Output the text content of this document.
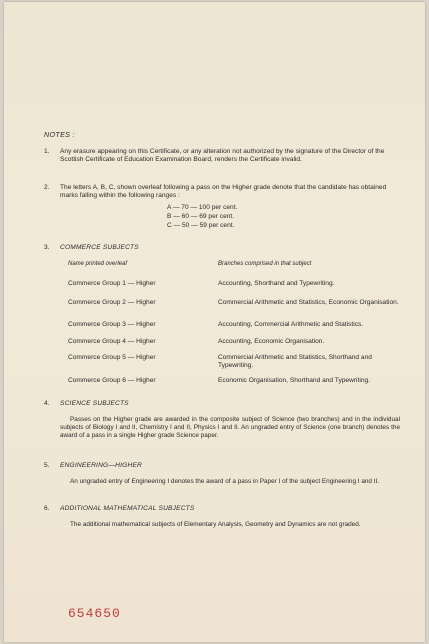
NOTES :
1.	Any erasure appearing on this Certificate, or any alteration not authorized by the signature of the Director of the Scottish Certificate of Education Examination Board, renders the Certificate invalid.
2.	The letters A, B, C, shown overleaf following a pass on the Higher grade denote that the candidate has obtained marks falling within the following ranges :
A — 70 — 100 per cent.
B — 60 — 69 per cent.
C — 50 — 59 per cent.
3.	COMMERCE SUBJECTS
Name printed overleaf	Branches comprised in that subject
Commerce Group 1 — Higher	Accounting, Shorthand and Typewriting.
Commerce Group 2 — Higher	Commercial Arithmetic and Statistics, Economic Organisation.
Commerce Group 3 — Higher	Accounting, Commercial Arithmetic and Statistics.
Commerce Group 4 — Higher	Accounting, Economic Organisation.
Commerce Group 5 — Higher	Commercial Arithmetic and Statistics, Shorthand and Typewriting.
Commerce Group 6 — Higher	Economic Organisation, Shorthand and Typewriting.
4.	SCIENCE SUBJECTS
Passes on the Higher grade are awarded in the composite subject of Science (two branches) and in the individual subjects of Biology I and II, Chemistry I and II, Physics I and II. An ungraded entry of Science (one branch) denotes the award of a pass in a single Higher grade Science paper.
5.	ENGINEERING—HIGHER
An ungraded entry of Engineering I denotes the award of a pass in Paper I of the subject Engineering I and II.
6.	ADDITIONAL MATHEMATICAL SUBJECTS
The additional mathematical subjects of Elementary Analysis, Geometry and Dynamics are not graded.
654650
